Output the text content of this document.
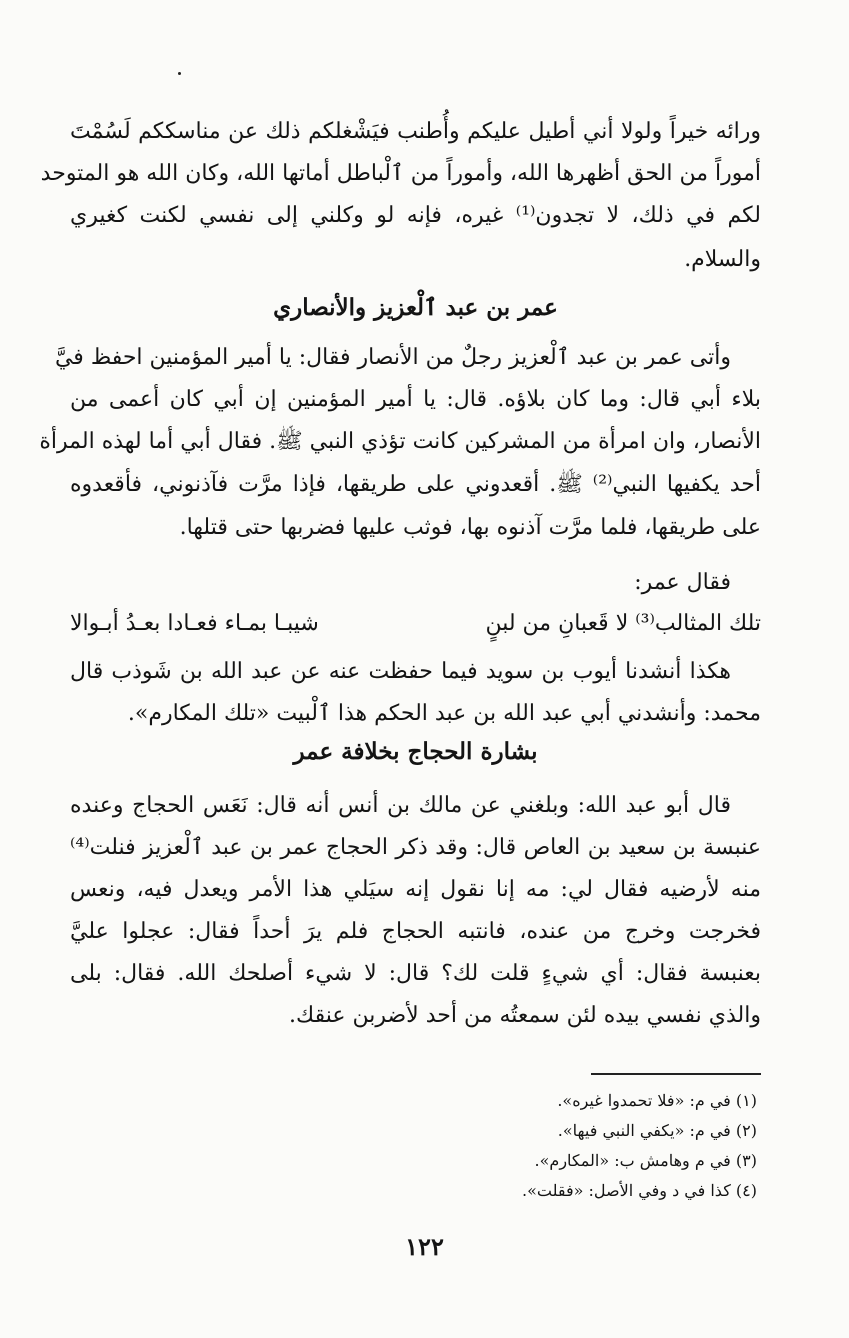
ورائه خيراً ولولا أني أطيل عليكم وأُطنب فيَشْغلكم ذلك عن مناسككم لَسُمْتَ
أموراً من الحق أظهرها الله، وأموراً من ٱلْباطل أماتها الله، وكان الله هو المتوحد
لكم في ذلك، لا تجدون⁽¹⁾ غيره، فإنه لو وكلني إلى نفسي لكنت كغيري
والسلام.
عمر بن عبد ٱلْعزيز والأنصاري
وأتى عمر بن عبد ٱلْعزيز رجلٌ من الأنصار فقال: يا أمير المؤمنين احفظ فيَّ
بلاء أبي قال: وما كان بلاؤه. قال: يا أمير المؤمنين إن أبي كان أعمى من
الأنصار، وان امرأة من المشركين كانت تؤذي النبي ﷺ. فقال أبي أما لهذه المرأة
أحد يكفيها النبي⁽²⁾ ﷺ. أقعدوني على طريقها، فإذا مرَّت فآذنوني، فأقعدوه
على طريقها، فلما مرَّت آذنوه بها، فوثب عليها فضربها حتى قتلها.
فقال عمر:
تلك المثالب⁽³⁾ لا قَعبانِ من لبنٍ
شيبـا بمـاء فعـادا بعـدُ أبـوالا
هكذا أنشدنا أيوب بن سويد فيما حفظت عنه عن عبد الله بن شَوذب قال
محمد: وأنشدني أبي عبد الله بن عبد الحكم هذا ٱلْبيت «تلك المكارم».
بشارة الحجاج بخلافة عمر
قال أبو عبد الله: وبلغني عن مالك بن أنس أنه قال: نَعَس الحجاج وعنده
عنبسة بن سعيد بن العاص قال: وقد ذكر الحجاج عمر بن عبد ٱلْعزيز فنلت⁽⁴⁾
منه لأرضيه فقال لي: مه إنا نقول إنه سيَلي هذا الأمر ويعدل فيه، ونعس
فخرجت وخرج من عنده، فانتبه الحجاج فلم يرَ أحداً فقال: عجلوا عليَّ
بعنبسة فقال: أي شيءٍ قلت لك؟ قال: لا شيء أصلحك الله. فقال: بلى
والذي نفسي بيده لئن سمعتُه من أحد لأضربن عنقك.
(١) في م: «فلا تحمدوا غيره».
(٢) في م: «يكفي النبي فيها».
(٣) في م وهامش ب: «المكارم».
(٤) كذا في د وفي الأصل: «فقلت».
١٢٢
